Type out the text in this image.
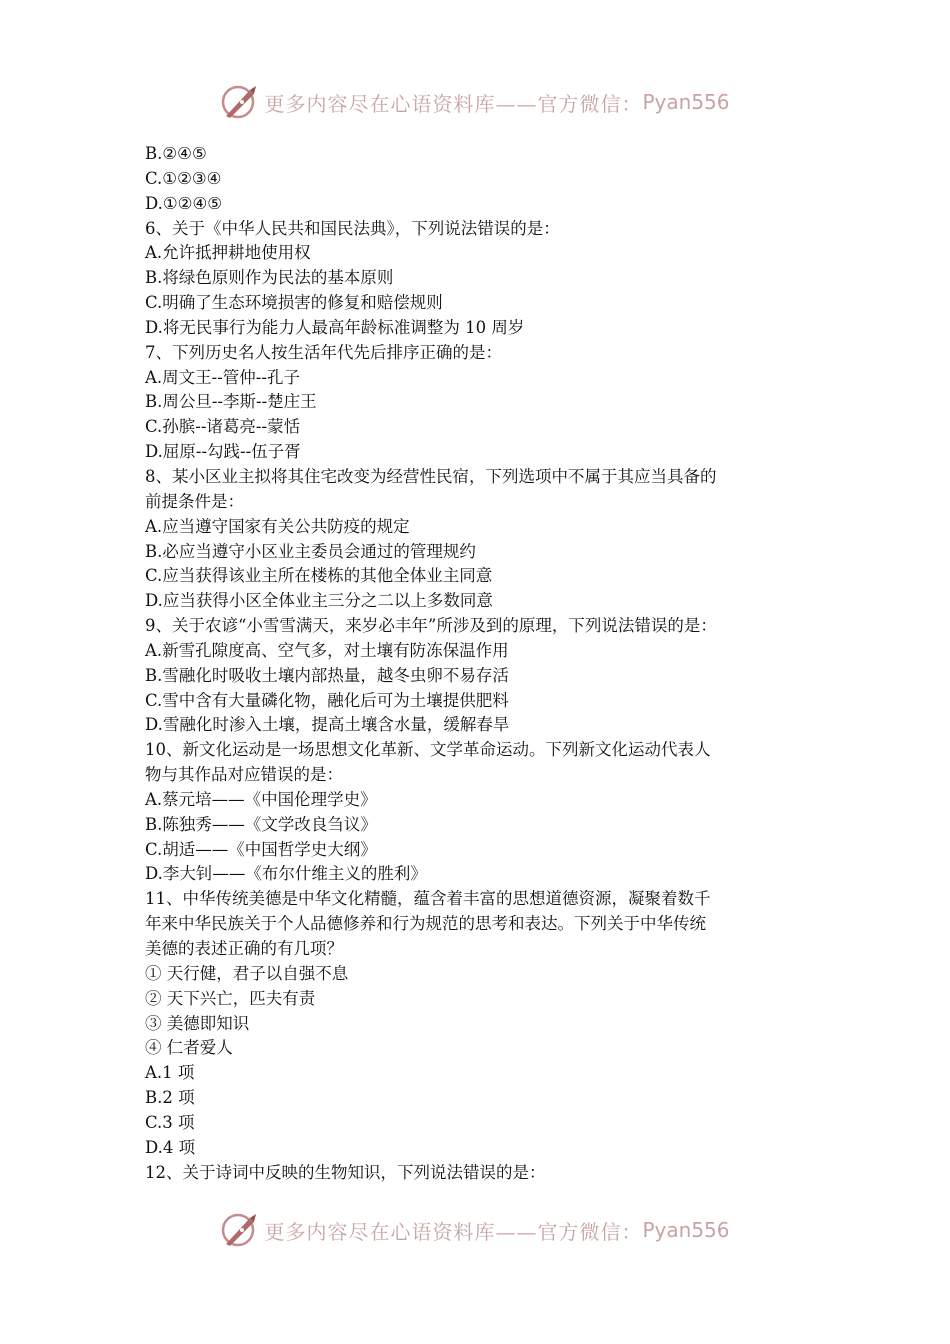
更多内容尽在心语资料库——官方微信： Pyan556
B.②④⑤
C.①②③④
D.①②④⑤
6、关于《中华人民共和国民法典》，下列说法错误的是：
A.允许抵押耕地使用权
B.将绿色原则作为民法的基本原则
C.明确了生态环境损害的修复和赔偿规则
D.将无民事行为能力人最高年龄标准调整为 10 周岁
7、下列历史名人按生活年代先后排序正确的是：
A.周文王--管仲--孔子
B.周公旦--李斯--楚庄王
C.孙膑--诸葛亮--蒙恬
D.屈原--勾践--伍子胥
8、某小区业主拟将其住宅改变为经营性民宿，下列选项中不属于其应当具备的
前提条件是：
A.应当遵守国家有关公共防疫的规定
B.必应当遵守小区业主委员会通过的管理规约
C.应当获得该业主所在楼栋的其他全体业主同意
D.应当获得小区全体业主三分之二以上多数同意
9、关于农谚“小雪雪满天，来岁必丰年”所涉及到的原理，下列说法错误的是：
A.新雪孔隙度高、空气多，对土壤有防冻保温作用
B.雪融化时吸收土壤内部热量，越冬虫卵不易存活
C.雪中含有大量磷化物，融化后可为土壤提供肥料
D.雪融化时渗入土壤，提高土壤含水量，缓解春旱
10、新文化运动是一场思想文化革新、文学革命运动。下列新文化运动代表人
物与其作品对应错误的是：
A.蔡元培——《中国伦理学史》
B.陈独秀——《文学改良刍议》
C.胡适——《中国哲学史大纲》
D.李大钊——《布尔什维主义的胜利》
11、中华传统美德是中华文化精髓，蕴含着丰富的思想道德资源，凝聚着数千
年来中华民族关于个人品德修养和行为规范的思考和表达。下列关于中华传统
美德的表述正确的有几项？
① 天行健，君子以自强不息
② 天下兴亡，匹夫有责
③ 美德即知识
④ 仁者爱人
A.1 项
B.2 项
C.3 项
D.4 项
12、关于诗词中反映的生物知识，下列说法错误的是：
更多内容尽在心语资料库——官方微信： Pyan556
